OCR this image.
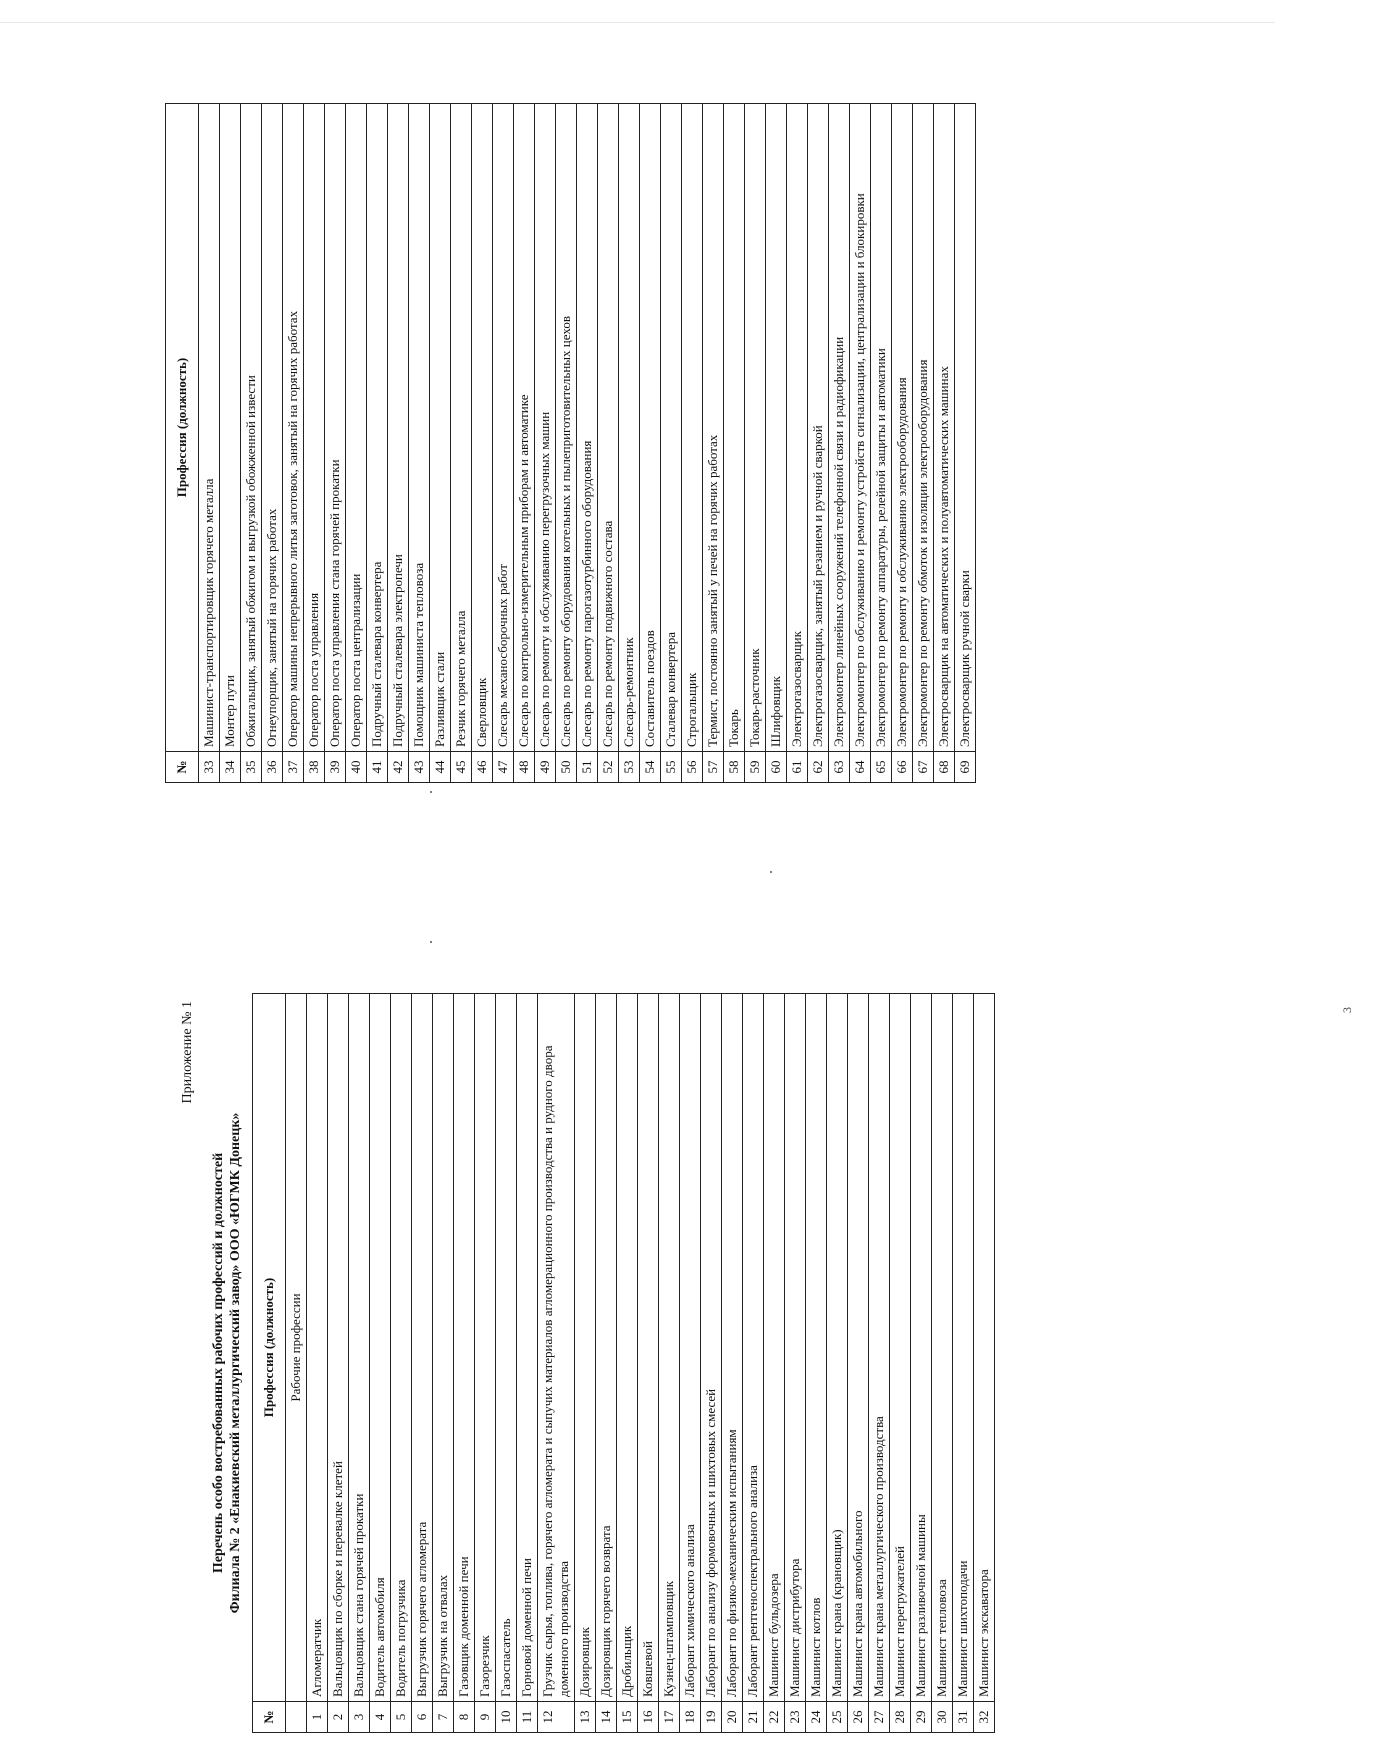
Приложение № 1
Перечень особо востребованных рабочих профессий и должностей Филиала № 2 «Енакиевский металлургический завод» ООО «ЮГМК Донецк»
№	Профессия (должность)
	Рабочие профессии
1	Агломератчик
2	Вальцовщик по сборке и перевалке клетей
3	Вальцовщик стана горячей прокатки
4	Водитель автомобиля
5	Водитель погрузчика
6	Выгрузчик горячего агломерата
7	Выгрузчик на отвалах
8	Газовщик доменной печи
9	Газорезчик
10	Газоспасатель
11	Горновой доменной печи
12	Грузчик сырья, топлива, горячего агломерата и сыпучих материалов агломерационного производства и рудного двора доменного производства
13	Дозировщик
14	Дозировщик горячего возврата
15	Дробильщик
16	Ковшевой
17	Кузнец-штамповщик
18	Лаборант химического анализа
19	Лаборант по анализу формовочных и шихтовых смесей
20	Лаборант по физико-механическим испытаниям
21	Лаборант рентгеноспектрального анализа
22	Машинист бульдозера
23	Машинист дистрибутора
24	Машинист котлов
25	Машинист крана (крановщик)
26	Машинист крана автомобильного
27	Машинист крана металлургического производства
28	Машинист перегружателей
29	Машинист разливочной машины
30	Машинист тепловоза
31	Машинист шихтоподачи
32	Машинист экскаватора
3
№	Профессия (должность)
33	Машинист-транспортировщик горячего металла
34	Монтер пути
35	Обжигальщик, занятый обжигом и выгрузкой обожженной извести
36	Огнеупорщик, занятый на горячих работах
37	Оператор машины непрерывного литья заготовок, занятый на горячих работах
38	Оператор поста управления
39	Оператор поста управления стана горячей прокатки
40	Оператор поста централизации
41	Подручный сталевара конвертера
42	Подручный сталевара электропечи
43	Помощник машиниста тепловоза
44	Разливщик стали
45	Резчик горячего металла
46	Сверловщик
47	Слесарь механосборочных работ
48	Слесарь по контрольно-измерительным приборам и автоматике
49	Слесарь по ремонту и обслуживанию перегрузочных машин
50	Слесарь по ремонту оборудования котельных и пылеприготовительных цехов
51	Слесарь по ремонту парогазотурбинного оборудования
52	Слесарь по ремонту подвижного состава
53	Слесарь-ремонтник
54	Составитель поездов
55	Сталевар конвертера
56	Строгальщик
57	Термист, постоянно занятый у печей на горячих работах
58	Токарь
59	Токарь-расточник
60	Шлифовщик
61	Электрогазосварщик
62	Электрогазосварщик, занятый резанием и ручной сваркой
63	Электромонтер линейных сооружений телефонной связи и радиофикации
64	Электромонтер по обслуживанию и ремонту устройств сигнализации, централизации и блокировки
65	Электромонтер по ремонту аппаратуры, релейной защиты и автоматики
66	Электромонтер по ремонту и обслуживанию электрооборудования
67	Электромонтер по ремонту обмоток и изоляции электрооборудования
68	Электросварщик на автоматических и полуавтоматических машинах
69	Электросварщик ручной сварки
